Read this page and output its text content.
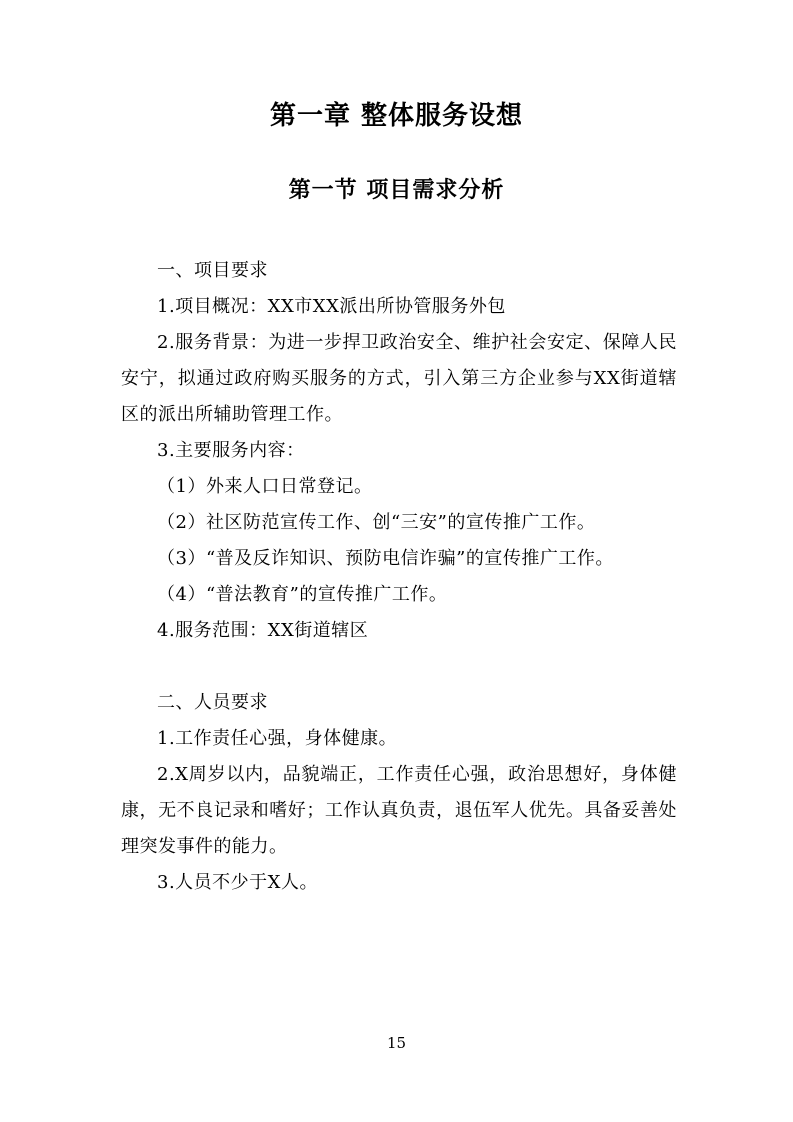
第一章 整体服务设想
第一节 项目需求分析

一、项目要求

1.项目概况：XX市XX派出所协管服务外包

2.服务背景：为进一步捍卫政治安全、维护社会安定、保障人民安宁，拟通过政府购买服务的方式，引入第三方企业参与XX街道辖区的派出所辅助管理工作。

3.主要服务内容：

（1）外来人口日常登记。

（2）社区防范宣传工作、创“三安”的宣传推广工作。

（3）“普及反诈知识、预防电信诈骗”的宣传推广工作。

（4）“普法教育”的宣传推广工作。

4.服务范围：XX街道辖区

二、人员要求

1.工作责任心强，身体健康。

2.X周岁以内，品貌端正，工作责任心强，政治思想好，身体健康，无不良记录和嗜好；工作认真负责，退伍军人优先。具备妥善处理突发事件的能力。

3.人员不少于X人。

15
